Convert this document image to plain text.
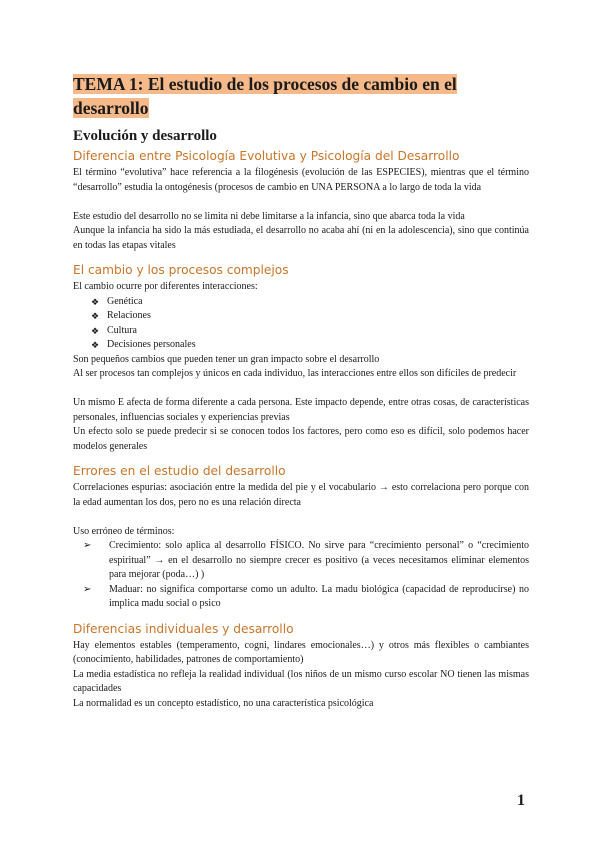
TEMA 1: El estudio de los procesos de cambio en el desarrollo
Evolución y desarrollo
Diferencia entre Psicología Evolutiva y Psicología del Desarrollo

El término “evolutiva” hace referencia a la filogénesis (evolución de las ESPECIES), mientras que el término “desarrollo” estudia la ontogénesis (procesos de cambio en UNA PERSONA a lo largo de toda la vida

Este estudio del desarrollo no se limita ni debe limitarse a la infancia, sino que abarca toda la vida

Aunque la infancia ha sido la más estudiada, el desarrollo no acaba ahí (ni en la adolescencia), sino que continúa en todas las etapas vitales

El cambio y los procesos complejos

El cambio ocurre por diferentes interacciones:

❖ Genética
❖ Relaciones
❖ Cultura
❖ Decisiones personales

Son pequeños cambios que pueden tener un gran impacto sobre el desarrollo

Al ser procesos tan complejos y únicos en cada individuo, las interacciones entre ellos son difíciles de predecir

Un mismo E afecta de forma diferente a cada persona. Este impacto depende, entre otras cosas, de características personales, influencias sociales y experiencias previas

Un efecto solo se puede predecir si se conocen todos los factores, pero como eso es difícil, solo podemos hacer modelos generales

Errores en el estudio del desarrollo

Correlaciones espurias: asociación entre la medida del pie y el vocabulario → esto correlaciona pero porque con la edad aumentan los dos, pero no es una relación directa

Uso erróneo de términos:

➢ Crecimiento: solo aplica al desarrollo FÍSICO. No sirve para “crecimiento personal” o “crecimiento espiritual” → en el desarrollo no siempre crecer es positivo (a veces necesitamos eliminar elementos para mejorar (poda…) )
➢ Maduar: no significa comportarse como un adulto. La madu biológica (capacidad de reproducirse) no implica madu social o psico
Diferencias individuales y desarrollo

Hay elementos estables (temperamento, cogni, lindares emocionales…) y otros más flexibles o cambiantes (conocimiento, habilidades, patrones de comportamiento)

La media estadística no refleja la realidad individual (los niños de un mismo curso escolar NO tienen las mismas capacidades

La normalidad es un concepto estadístico, no una característica psicológica

1
